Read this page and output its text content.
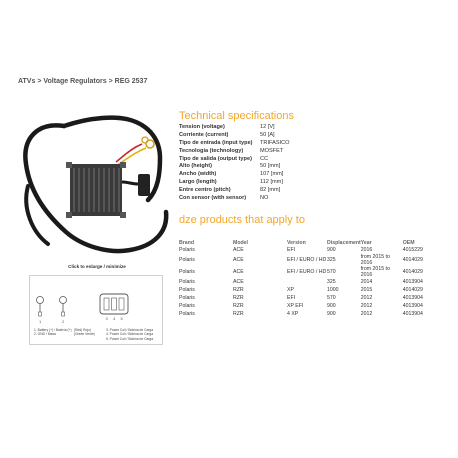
ATVs > Voltage Regulators > REG 2537
Click to enlarge / minimize
1	2
3 4 5
1. Battery (+) / Batería (+)
2. GND / Masa
(Red) Rojo)
(Green Verde)
3. Power Coil / Bobina de Carga
4. Power Coil / Bobina de Carga
5. Power Coil / Bobina de Carga
Technical specifications
Tension (voltage)	12 [V]
Corriente (current)	50 [A]
Tipo de entrada (input type)	TRIFASICO
Tecnologia (technology)	MOSFET
Tipo de salida (output type)	CC
Alto (height)	50 [mm]
Ancho (width)	107 [mm]
Largo (length)	112 [mm]
Entre centro (pitch)	82 [mm]
Con sensor (with sensor)	NO
dze products that apply to
Brand	Model	Version	Displacement	Year	OEM
Polaris	ACE	EFI	900	2016	4015229
Polaris	ACE	EFI / EURO / HD	325	from 2015 to 2016	4014029
Polaris	ACE	EFI / EURO / HD	570	from 2015 to 2016	4014029
Polaris	ACE		325	2014	4013904
Polaris	RZR	XP	1000	2015	4014029
Polaris	RZR	EFI	570	2012	4013904
Polaris	RZR	XP EFI	900	2012	4013904
Polaris	RZR	4 XP	900	2012	4013904
